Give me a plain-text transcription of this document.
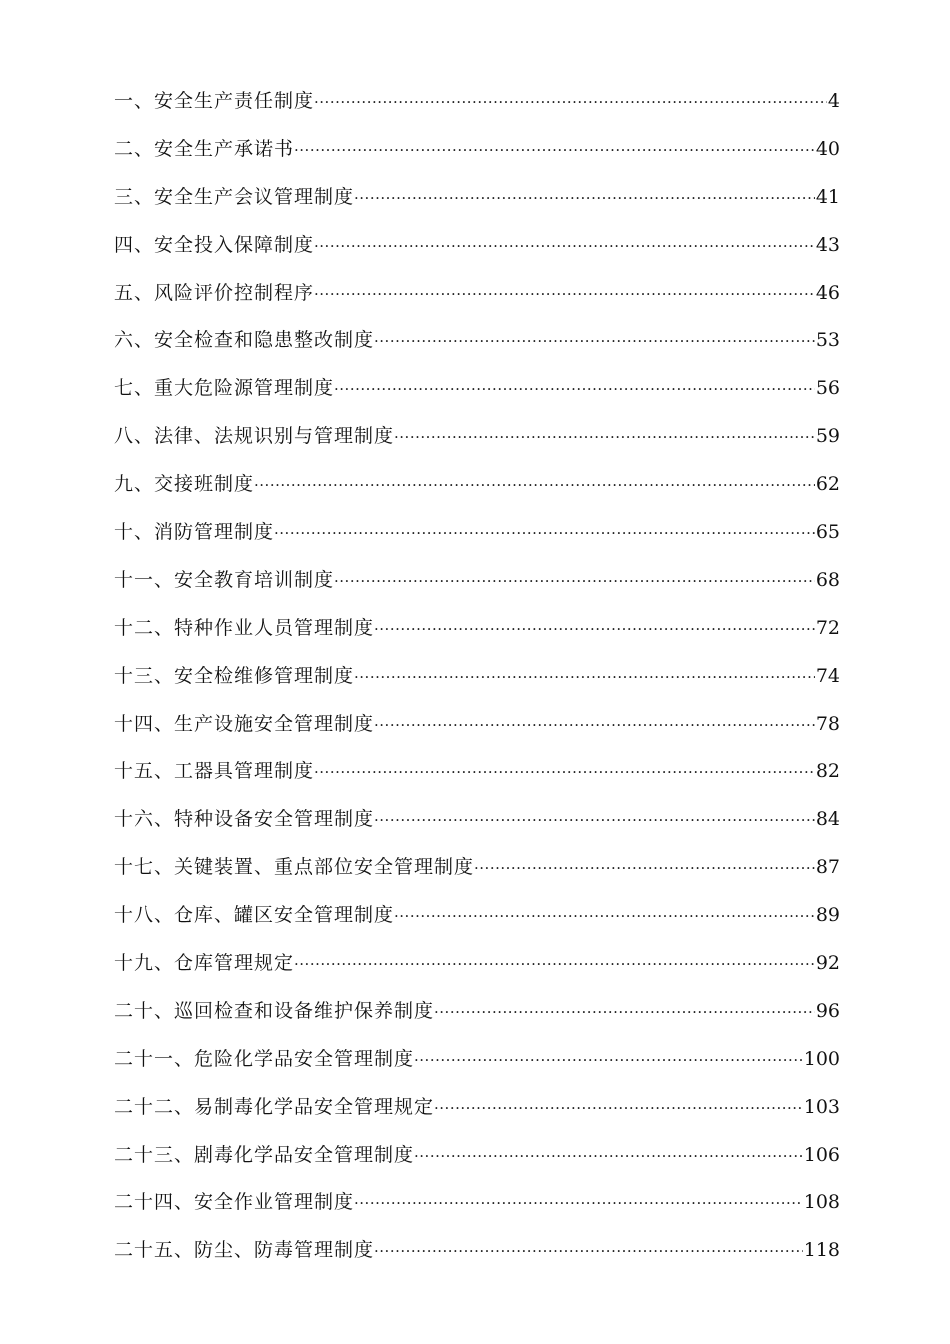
一、安全生产责任制度 ·····	4
二、安全生产承诺书 ·····	40
三、安全生产会议管理制度 ·····	41
四、安全投入保障制度 ·····	43
五、风险评价控制程序 ·····	46
六、安全检查和隐患整改制度 ·····	53
七、重大危险源管理制度 ·····	56
八、法律、法规识别与管理制度 ·····	59
九、交接班制度 ·····	62
十、消防管理制度 ·····	65
十一、安全教育培训制度 ·····	68
十二、特种作业人员管理制度 ·····	72
十三、安全检维修管理制度 ·····	74
十四、生产设施安全管理制度 ·····	78
十五、工器具管理制度 ·····	82
十六、特种设备安全管理制度 ·····	84
十七、关键装置、重点部位安全管理制度 ·····	87
十八、仓库、罐区安全管理制度 ·····	89
十九、仓库管理规定 ·····	92
二十、巡回检查和设备维护保养制度 ·····	96
二十一、危险化学品安全管理制度 ·····	100
二十二、易制毒化学品安全管理规定 ·····	103
二十三、剧毒化学品安全管理制度 ·····	106
二十四、安全作业管理制度 ·····	108
二十五、防尘、防毒管理制度 ·····	118
